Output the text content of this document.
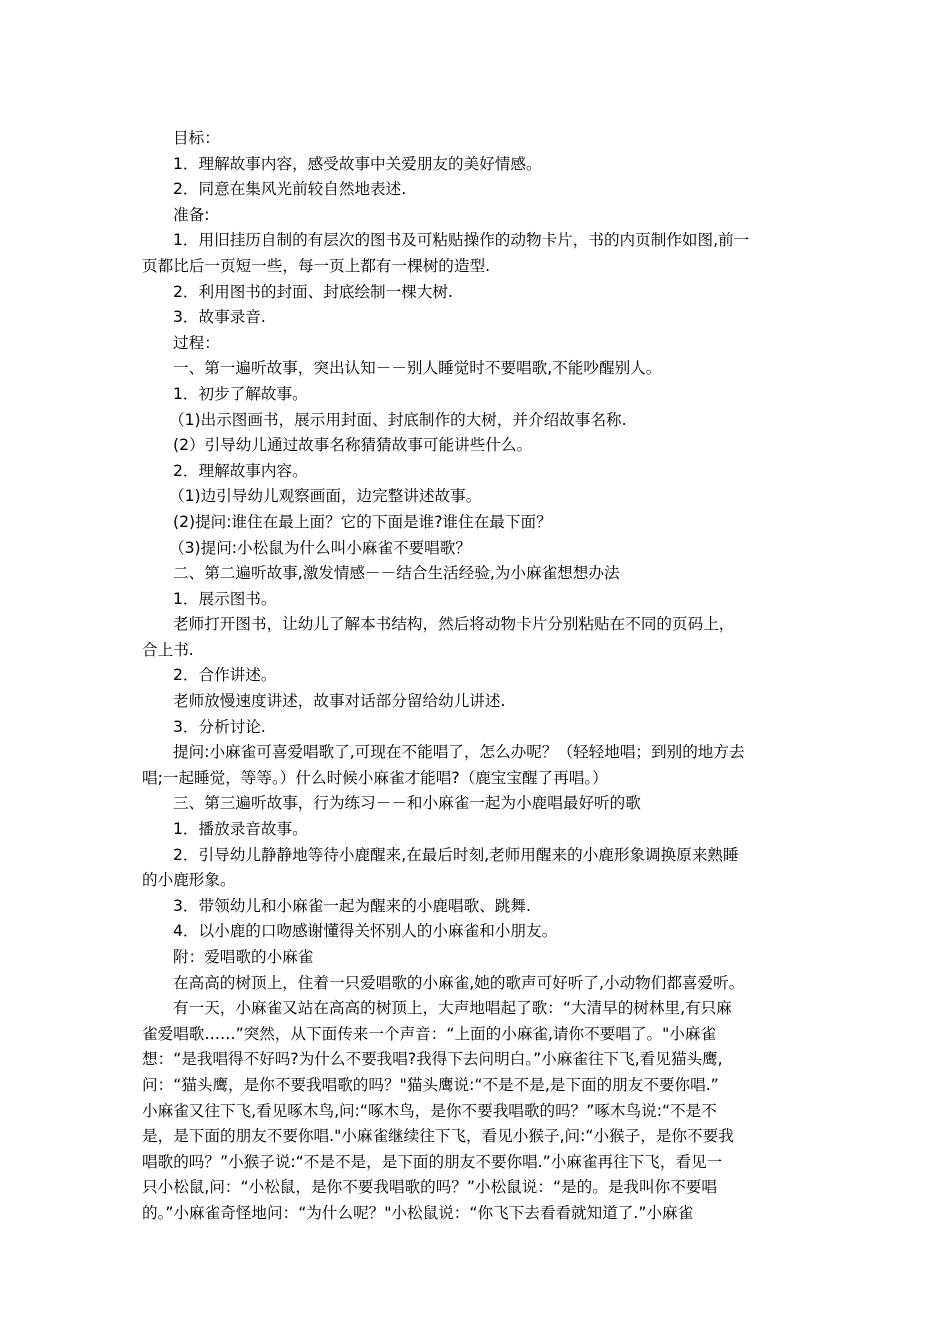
目标：
1．理解故事内容，感受故事中关爱朋友的美好情感。
2．同意在集风光前较自然地表述.
准备:
1．用旧挂历自制的有层次的图书及可粘贴操作的动物卡片，书的内页制作如图,前一
页都比后一页短一些，每一页上都有一棵树的造型.
2．利用图书的封面、封底绘制一棵大树.
3．故事录音.
过程：
一、第一遍听故事，突出认知－－别人睡觉时不要唱歌,不能吵醒别人。
1．初步了解故事。
（1)出示图画书，展示用封面、封底制作的大树，并介绍故事名称.
(2）引导幼儿通过故事名称猜猜故事可能讲些什么。
2．理解故事内容。
（1)边引导幼儿观察画面，边完整讲述故事。
(2)提问:谁住在最上面？它的下面是谁?谁住在最下面？
（3)提问:小松鼠为什么叫小麻雀不要唱歌？
二、第二遍听故事,激发情感－－结合生活经验,为小麻雀想想办法
1．展示图书。
老师打开图书，让幼儿了解本书结构，然后将动物卡片分别粘贴在不同的页码上，
合上书.
2．合作讲述。
老师放慢速度讲述，故事对话部分留给幼儿讲述.
3．分析讨论.
提问:小麻雀可喜爱唱歌了,可现在不能唱了，怎么办呢？（轻轻地唱；到别的地方去
唱;一起睡觉，等等。）什么时候小麻雀才能唱?（鹿宝宝醒了再唱。）
三、第三遍听故事，行为练习－－和小麻雀一起为小鹿唱最好听的歌
1．播放录音故事。
2．引导幼儿静静地等待小鹿醒来,在最后时刻,老师用醒来的小鹿形象调换原来熟睡
的小鹿形象。
3．带领幼儿和小麻雀一起为醒来的小鹿唱歌、跳舞.
4．以小鹿的口吻感谢懂得关怀别人的小麻雀和小朋友。
附：爱唱歌的小麻雀
在高高的树顶上，住着一只爱唱歌的小麻雀,她的歌声可好听了,小动物们都喜爱听。
有一天，小麻雀又站在高高的树顶上，大声地唱起了歌：“大清早的树林里,有只麻
雀爱唱歌……”突然，从下面传来一个声音：“上面的小麻雀,请你不要唱了。"小麻雀
想：“是我唱得不好吗?为什么不要我唱?我得下去问明白。”小麻雀往下飞,看见猫头鹰,
问：“猫头鹰，是你不要我唱歌的吗？"猫头鹰说:“不是不是,是下面的朋友不要你唱.”
小麻雀又往下飞,看见啄木鸟,问:“啄木鸟，是你不要我唱歌的吗？”啄木鸟说:“不是不
是，是下面的朋友不要你唱."小麻雀继续往下飞，看见小猴子,问:“小猴子，是你不要我
唱歌的吗？”小猴子说:“不是不是，是下面的朋友不要你唱.”小麻雀再往下飞，看见一
只小松鼠,问：“小松鼠，是你不要我唱歌的吗？”小松鼠说：“是的。是我叫你不要唱
的。”小麻雀奇怪地问：“为什么呢？"小松鼠说：“你飞下去看看就知道了.”小麻雀
